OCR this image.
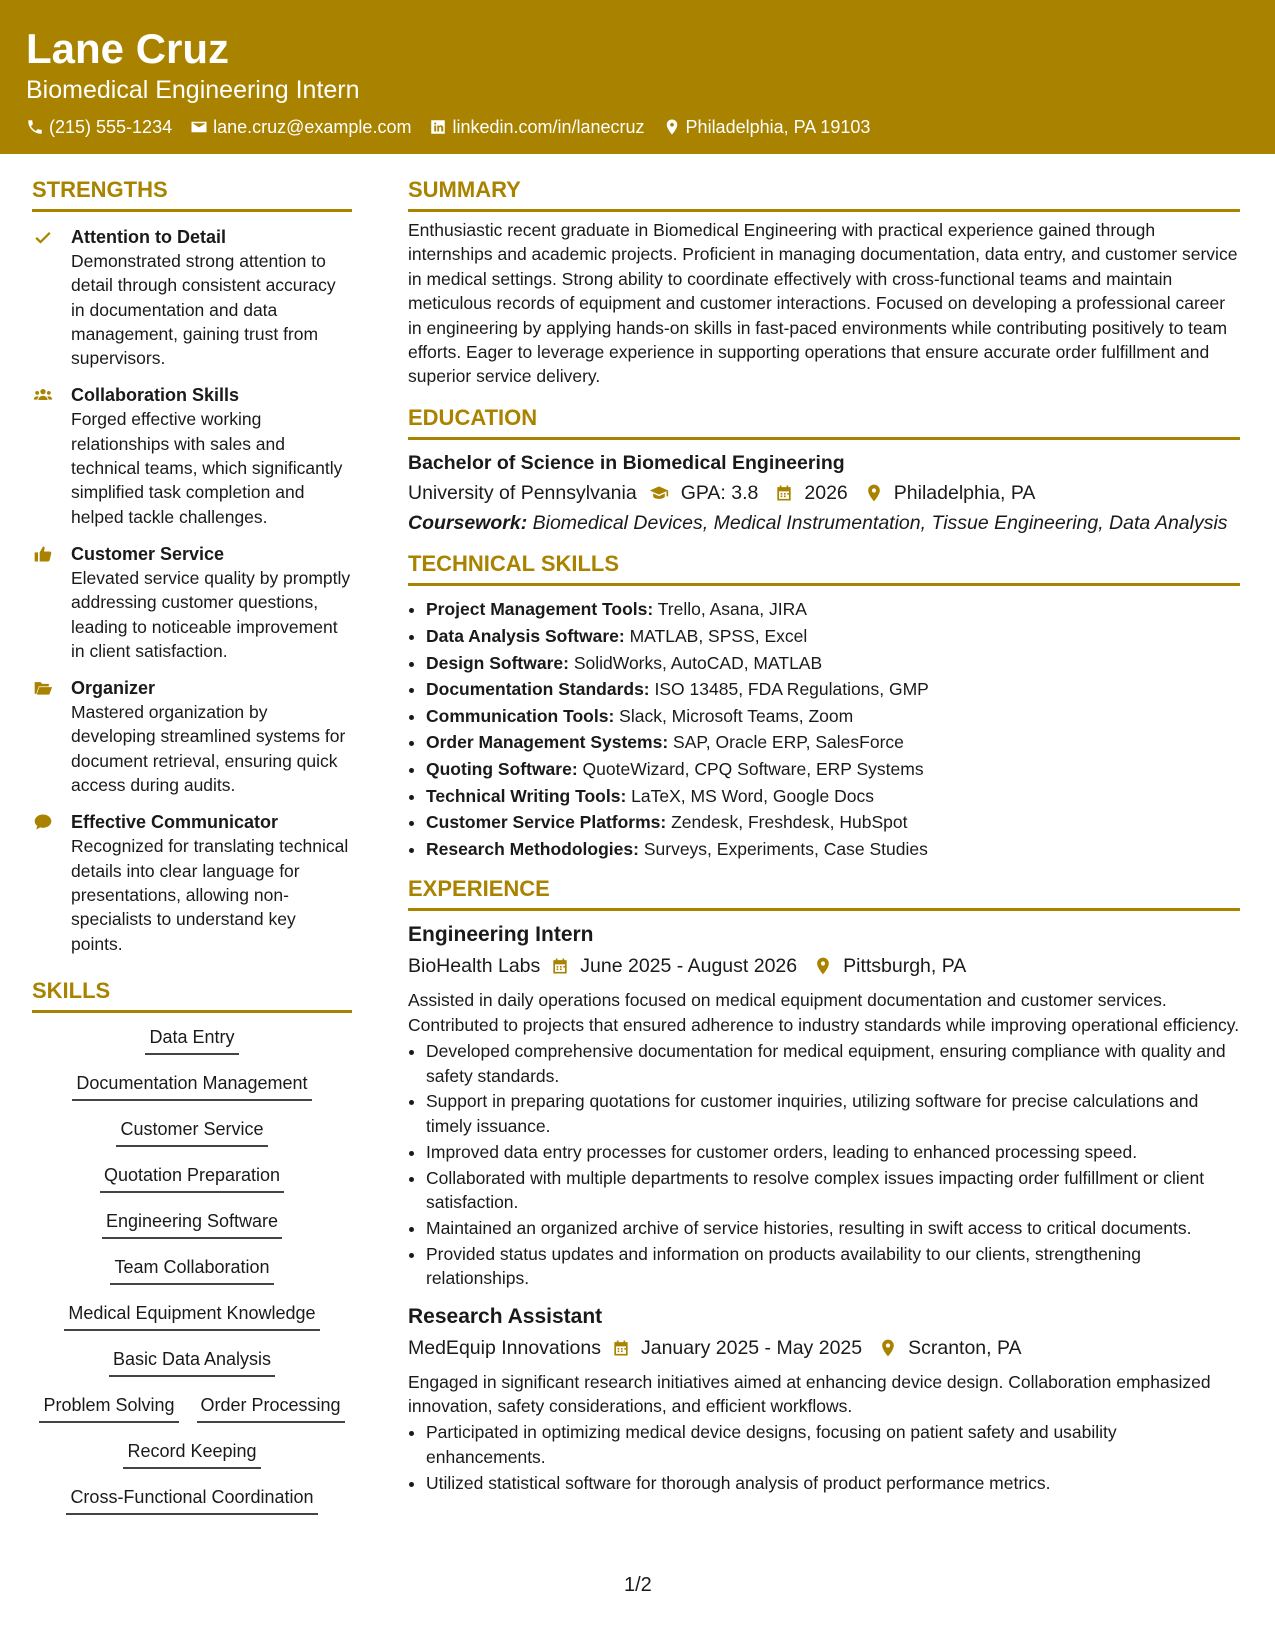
Lane Cruz
Biomedical Engineering Intern
(215) 555-1234 lane.cruz@example.com linkedin.com/in/lanecruz Philadelphia, PA 19103
STRENGTHS
Attention to Detail
Demonstrated strong attention to detail through consistent accuracy in documentation and data management, gaining trust from supervisors.
Collaboration Skills
Forged effective working relationships with sales and technical teams, which significantly simplified task completion and helped tackle challenges.
Customer Service
Elevated service quality by promptly addressing customer questions, leading to noticeable improvement in client satisfaction.
Organizer
Mastered organization by developing streamlined systems for document retrieval, ensuring quick access during audits.
Effective Communicator
Recognized for translating technical details into clear language for presentations, allowing non-specialists to understand key points.
SKILLS
Data Entry
Documentation Management
Customer Service
Quotation Preparation
Engineering Software
Team Collaboration
Medical Equipment Knowledge
Basic Data Analysis
Problem Solving Order Processing
Record Keeping
Cross-Functional Coordination
SUMMARY
Enthusiastic recent graduate in Biomedical Engineering with practical experience gained through internships and academic projects. Proficient in managing documentation, data entry, and customer service in medical settings. Strong ability to coordinate effectively with cross-functional teams and maintain meticulous records of equipment and customer interactions. Focused on developing a professional career in engineering by applying hands-on skills in fast-paced environments while contributing positively to team efforts. Eager to leverage experience in supporting operations that ensure accurate order fulfillment and superior service delivery.
EDUCATION
Bachelor of Science in Biomedical Engineering
University of Pennsylvania GPA: 3.8 2026 Philadelphia, PA
Coursework: Biomedical Devices, Medical Instrumentation, Tissue Engineering, Data Analysis
TECHNICAL SKILLS
• Project Management Tools: Trello, Asana, JIRA
• Data Analysis Software: MATLAB, SPSS, Excel
• Design Software: SolidWorks, AutoCAD, MATLAB
• Documentation Standards: ISO 13485, FDA Regulations, GMP
• Communication Tools: Slack, Microsoft Teams, Zoom
• Order Management Systems: SAP, Oracle ERP, SalesForce
• Quoting Software: QuoteWizard, CPQ Software, ERP Systems
• Technical Writing Tools: LaTeX, MS Word, Google Docs
• Customer Service Platforms: Zendesk, Freshdesk, HubSpot
• Research Methodologies: Surveys, Experiments, Case Studies
EXPERIENCE
Engineering Intern
BioHealth Labs June 2025 - August 2026 Pittsburgh, PA
Assisted in daily operations focused on medical equipment documentation and customer services. Contributed to projects that ensured adherence to industry standards while improving operational efficiency.
• Developed comprehensive documentation for medical equipment, ensuring compliance with quality and safety standards.
• Support in preparing quotations for customer inquiries, utilizing software for precise calculations and timely issuance.
• Improved data entry processes for customer orders, leading to enhanced processing speed.
• Collaborated with multiple departments to resolve complex issues impacting order fulfillment or client satisfaction.
• Maintained an organized archive of service histories, resulting in swift access to critical documents.
• Provided status updates and information on products availability to our clients, strengthening relationships.
Research Assistant
MedEquip Innovations January 2025 - May 2025 Scranton, PA
Engaged in significant research initiatives aimed at enhancing device design. Collaboration emphasized innovation, safety considerations, and efficient workflows.
• Participated in optimizing medical device designs, focusing on patient safety and usability enhancements.
• Utilized statistical software for thorough analysis of product performance metrics.
1/2
